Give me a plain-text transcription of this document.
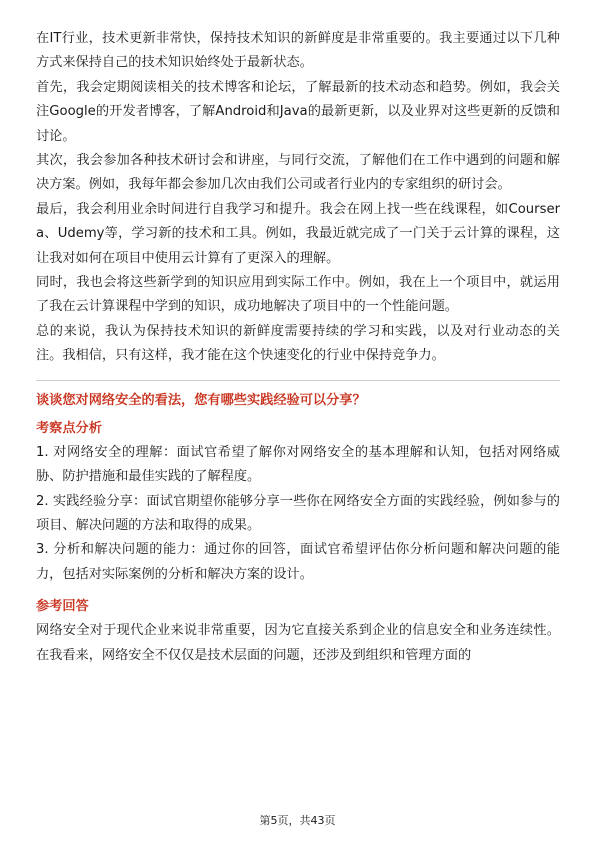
在IT行业，技术更新非常快，保持技术知识的新鲜度是非常重要的。我主要通过以下几种方式来保持自己的技术知识始终处于最新状态。

首先，我会定期阅读相关的技术博客和论坛，了解最新的技术动态和趋势。例如，我会关注Google的开发者博客，了解Android和Java的最新更新，以及业界对这些更新的反馈和讨论。

其次，我会参加各种技术研讨会和讲座，与同行交流，了解他们在工作中遇到的问题和解决方案。例如，我每年都会参加几次由我们公司或者行业内的专家组织的研讨会。

最后，我会利用业余时间进行自我学习和提升。我会在网上找一些在线课程，如Coursera、Udemy等，学习新的技术和工具。例如，我最近就完成了一门关于云计算的课程，这让我对如何在项目中使用云计算有了更深入的理解。

同时，我也会将这些新学到的知识应用到实际工作中。例如，我在上一个项目中，就运用了我在云计算课程中学到的知识，成功地解决了项目中的一个性能问题。

总的来说，我认为保持技术知识的新鲜度需要持续的学习和实践，以及对行业动态的关注。我相信，只有这样，我才能在这个快速变化的行业中保持竞争力。

谈谈您对网络安全的看法，您有哪些实践经验可以分享？

考察点分析

1. 对网络安全的理解：面试官希望了解你对网络安全的基本理解和认知，包括对网络威胁、防护措施和最佳实践的了解程度。

2. 实践经验分享：面试官期望你能够分享一些你在网络安全方面的实践经验，例如参与的项目、解决问题的方法和取得的成果。

3. 分析和解决问题的能力：通过你的回答，面试官希望评估你分析问题和解决问题的能力，包括对实际案例的分析和解决方案的设计。

参考回答

网络安全对于现代企业来说非常重要，因为它直接关系到企业的信息安全和业务连续性。在我看来，网络安全不仅仅是技术层面的问题，还涉及到组织和管理方面的

第5页，共43页
